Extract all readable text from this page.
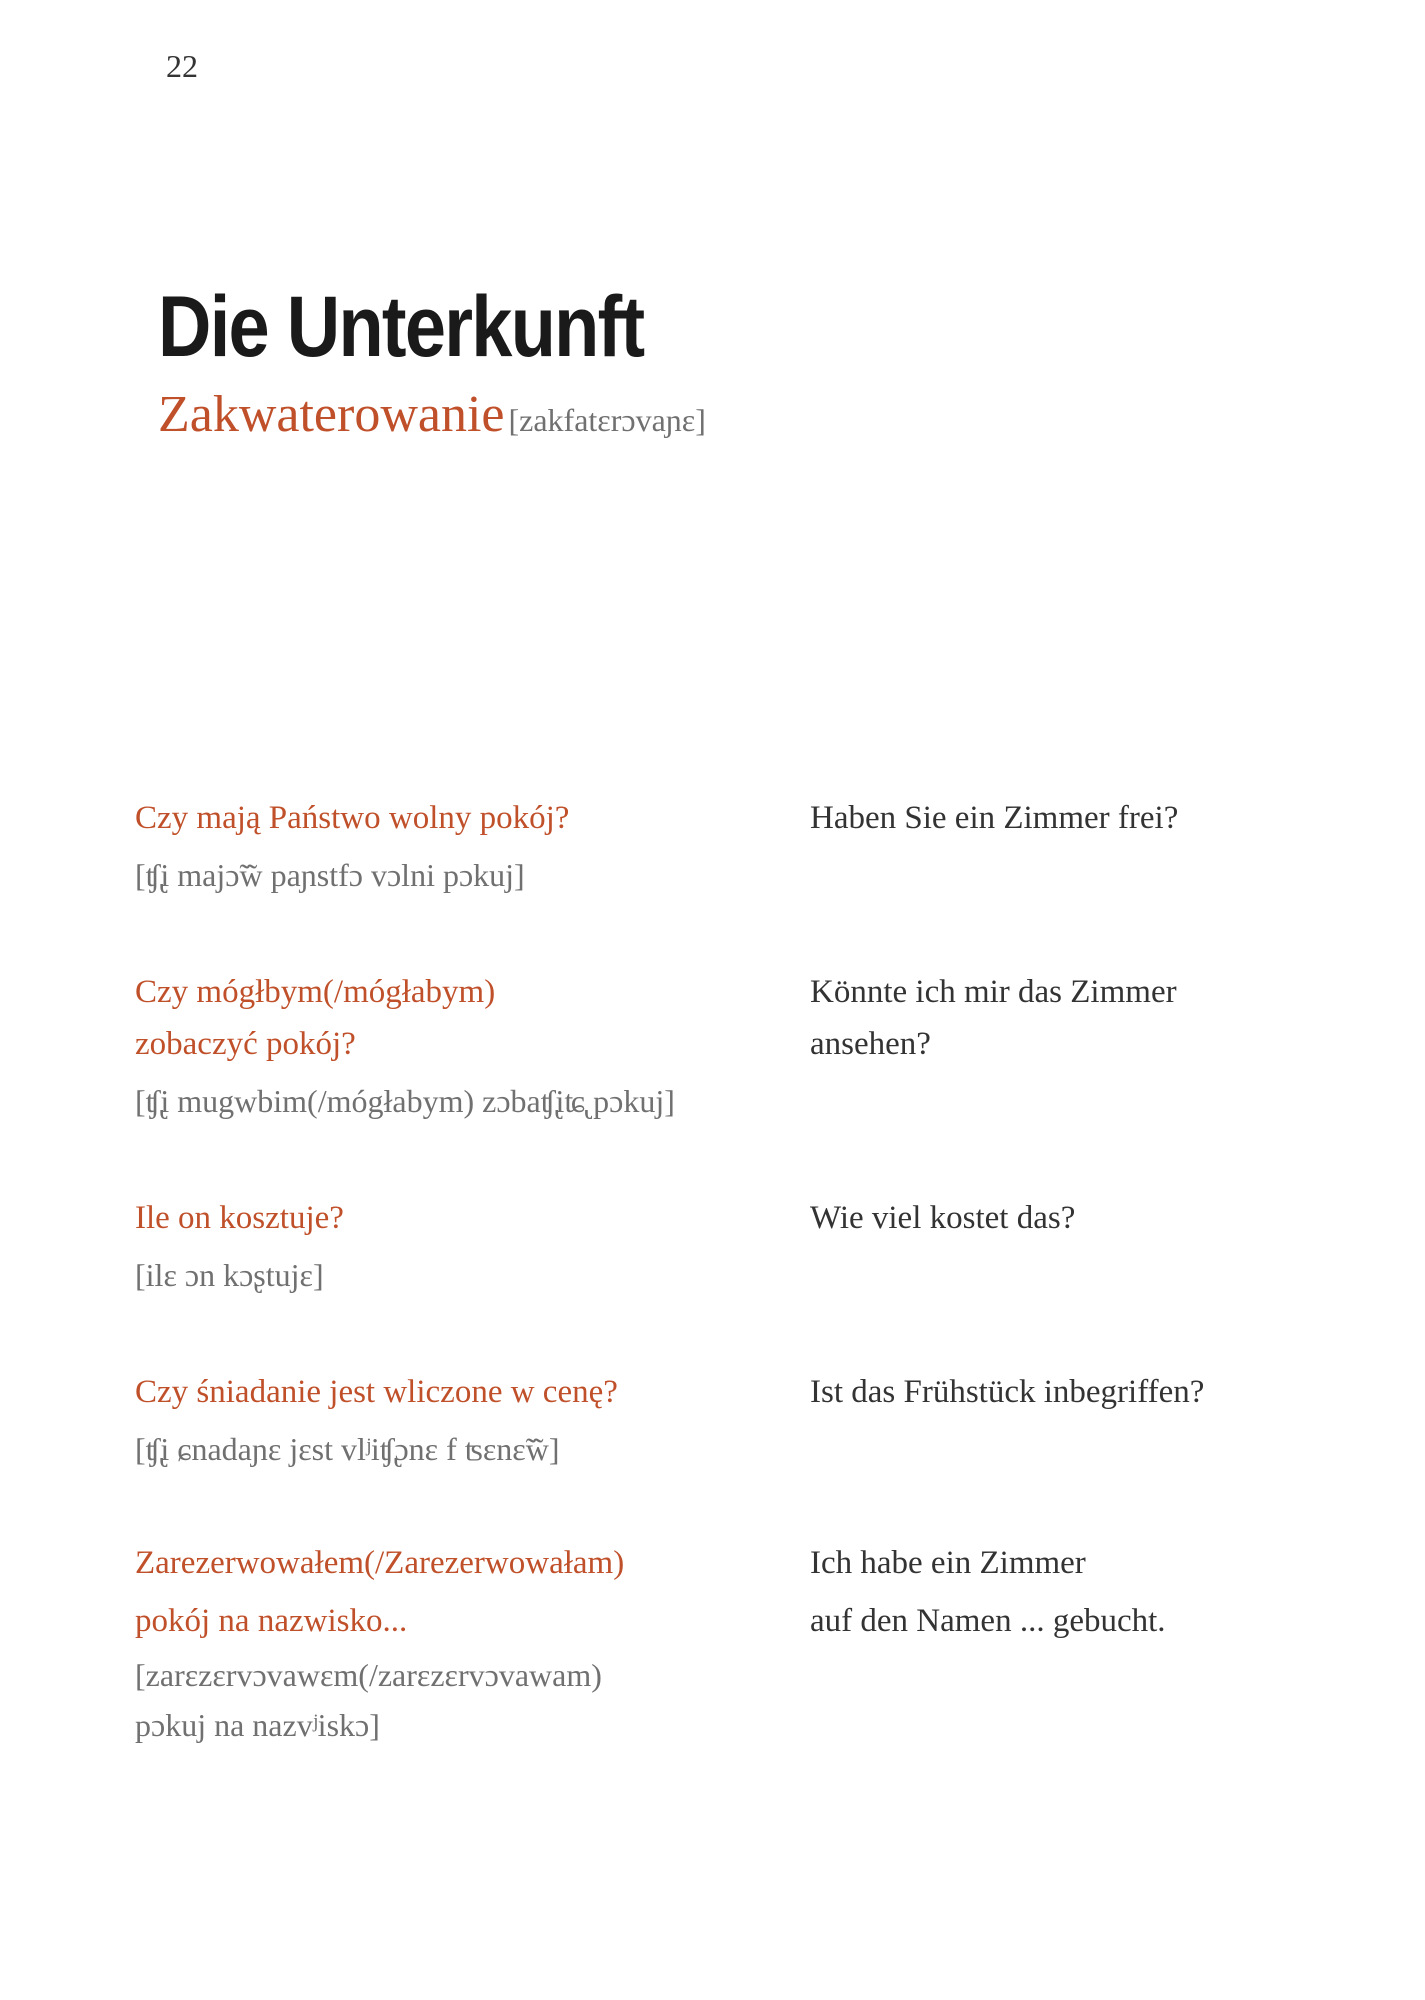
22
Die Unterkunft
Zakwaterowanie [zakfatɛrɔvaɲɛ]
Czy mają Państwo wolny pokój?
[ʧ̢i majɔ̃w̃ paɲstfɔ vɔlni pɔkuj]
Haben Sie ein Zimmer frei?
Czy mógłbym(/mógłabym)
zobaczyć pokój?
[ʧ̢i mugwbim(/mógłabym) zɔbaʧ̢iʨ̢ pɔkuj]
Könnte ich mir das Zimmer
ansehen?
Ile on kosztuje?
[ilɛ ɔn kɔʂtujɛ]
Wie viel kostet das?
Czy śniadanie jest wliczone w cenę?
[ʧ̢i ɕnadaɲɛ jɛst vlʲiʧ̢ɔnɛ f ʦɛnɛ̃w̃]
Ist das Frühstück inbegriffen?
Zarezerwowałem(/Zarezerwowałam)
pokój na nazwisko...
[zarɛzɛrvɔvawɛm(/zarɛzɛrvɔvawam)
pɔkuj na nazvʲiskɔ]
Ich habe ein Zimmer
auf den Namen ... gebucht.
